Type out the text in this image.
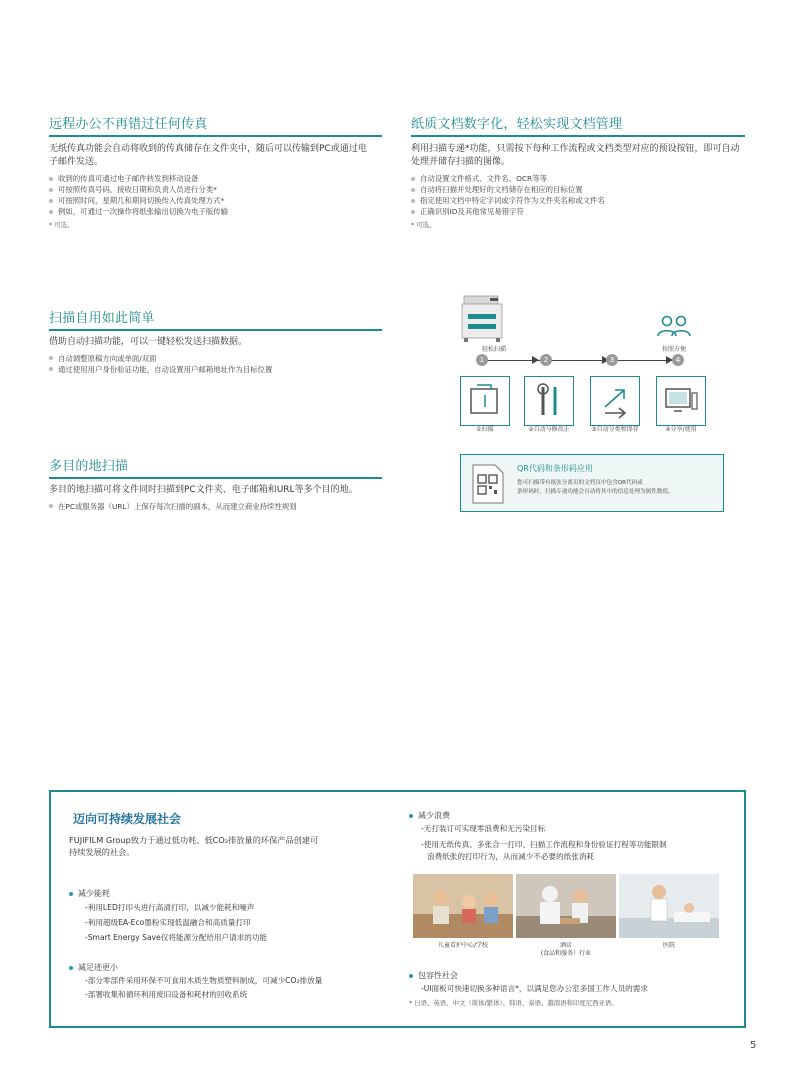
远程办公不再错过任何传真
无纸传真功能会自动将收到的传真储存在文件夹中，随后可以传输到PC或通过电子邮件发送。
收到的传真可通过电子邮件转发到移动设备
可按照传真号码，接收日期和负责人员进行分类*
可按照时间，星期几和期间切换传入传真处理方式*
例如，可通过一次操作将纸张输出切换为电子版传输
* 可选。
纸质文档数字化，轻松实现文档管理
利用扫描专递*功能，只需按下每种工作流程或文档类型对应的预设按钮，即可自动处理并储存扫描的图像。
自动设置文件格式、文件名、OCR等等
自动将扫描并处理好的文档储存在相应的目标位置
指定使用文档中特定字词或字符作为文件夹名称或文件名
正确识别ID及其他常见易错字符
* 可选。
扫描自用如此简单
借助自动扫描功能，可以一键轻松发送扫描数据。
自动调整原稿方向或单面/双面
通过使用用户身份验证功能，自动设置用户邮箱地址作为目标位置
多目的地扫描
多目的地扫描可将文件同时扫描到PC文件夹、电子邮箱和URL等多个目的地。
在PC或服务器（URL）上保存每次扫描的副本，从而建立商业持续性规划
轻松扫描	按照方便
1	2	3	4
①扫描	②自动与修改正	③自动分类和保存	④分享/使用
QR代码和条形码应用
您可扫描带有纸张分离页的文档页中包含QR代码或
条形码时，扫描专递功能会自动将其中的信息处理为属性数值。
迈向可持续发展社会
FUJIFILM Group致力于通过低功耗、低CO₂排放量的环保产品创建可
持续发展的社会。
减少能耗
-利用LED打印头进行高清打印，以减少能耗和噪声
-利用超级EA-Eco墨粉实现低温融合和高质量打印
-Smart Energy Save仅将能源分配给用户请求的功能
减足迹更小
-部分零部件采用环保不可食用木质生物质塑料制成，可减少CO₂排放量
-部署收集和循环利用废旧设备和耗材的回收系统
减少浪费
-无打装订可实现零浪费和无污染目标
-使用无纸传真、多张合一打印、扫描工作流程和身份验证打程等功能限制
浪费纸张的打印行为，从而减少不必要的纸张消耗
儿童看护中心/学校	酒店
(食品和服务）行业
医院
包容性社会
-UI面板可快速切换多种语言*，以满足您办公室多国工作人员的需求
* 日语、英语、中文（简体/繁体）、韩语、泰语、越南语和印度尼西亚语。
5
